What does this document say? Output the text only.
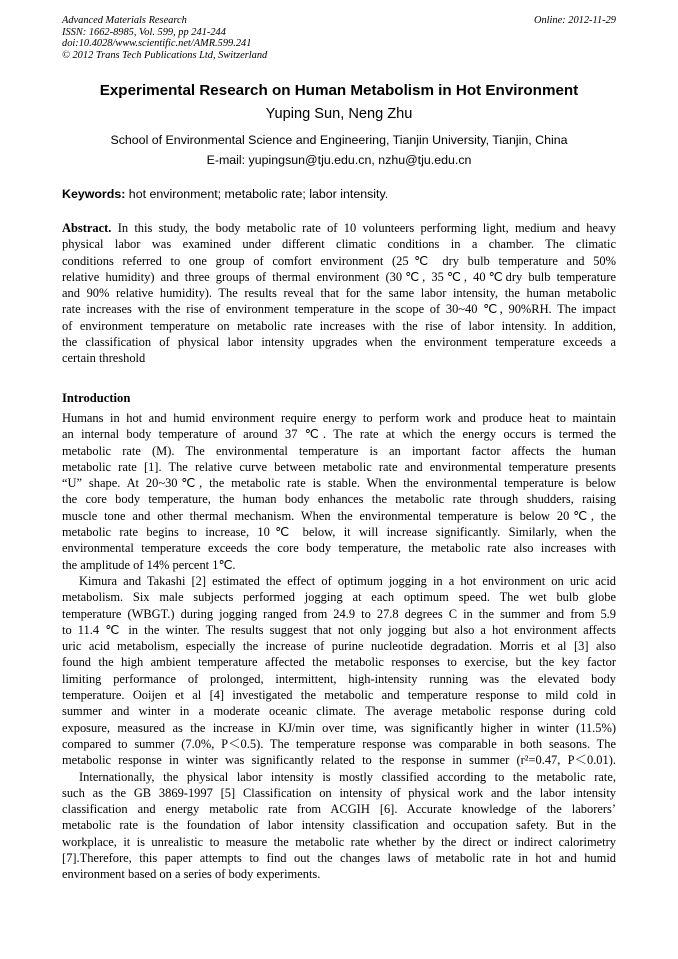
Advanced Materials Research
ISSN: 1662-8985, Vol. 599, pp 241-244
doi:10.4028/www.scientific.net/AMR.599.241
© 2012 Trans Tech Publications Ltd, Switzerland
Online: 2012-11-29
Experimental Research on Human Metabolism in Hot Environment
Yuping Sun, Neng Zhu
School of Environmental Science and Engineering, Tianjin University, Tianjin, China
E-mail: yupingsun@tju.edu.cn, nzhu@tju.edu.cn
Keywords: hot environment; metabolic rate; labor intensity.
Abstract. In this study, the body metabolic rate of 10 volunteers performing light, medium and heavy
physical labor was examined under different climatic conditions in a chamber. The climatic
conditions referred to one group of comfort environment (25℃ dry bulb temperature and 50%
relative humidity) and three groups of thermal environment (30℃, 35℃, 40℃dry bulb temperature
and 90% relative humidity). The results reveal that for the same labor intensity, the human metabolic
rate increases with the rise of environment temperature in the scope of 30~40 ℃, 90%RH. The impact
of environment temperature on metabolic rate increases with the rise of labor intensity. In addition,
the classification of physical labor intensity upgrades when the environment temperature exceeds a
certain threshold
Introduction
Humans in hot and humid environment require energy to perform work and produce heat to maintain
an internal body temperature of around 37 ℃. The rate at which the energy occurs is termed the
metabolic rate (M). The environmental temperature is an important factor affects the human
metabolic rate [1]. The relative curve between metabolic rate and environmental temperature presents
“U” shape. At 20~30℃, the metabolic rate is stable. When the environmental temperature is below
the core body temperature, the human body enhances the metabolic rate through shudders, raising
muscle tone and other thermal mechanism. When the environmental temperature is below 20℃, the
metabolic rate begins to increase, 10℃ below, it will increase significantly. Similarly, when the
environmental temperature exceeds the core body temperature, the metabolic rate also increases with
the amplitude of 14% percent 1℃.
Kimura and Takashi [2] estimated the effect of optimum jogging in a hot environment on uric acid
metabolism. Six male subjects performed jogging at each optimum speed. The wet bulb globe
temperature (WBGT.) during jogging ranged from 24.9 to 27.8 degrees C in the summer and from 5.9
to 11.4 ℃ in the winter. The results suggest that not only jogging but also a hot environment affects
uric acid metabolism, especially the increase of purine nucleotide degradation. Morris et al [3] also
found the high ambient temperature affected the metabolic responses to exercise, but the key factor
limiting performance of prolonged, intermittent, high-intensity running was the elevated body
temperature. Ooijen et al [4] investigated the metabolic and temperature response to mild cold in
summer and winter in a moderate oceanic climate. The average metabolic response during cold
exposure, measured as the increase in KJ/min over time, was significantly higher in winter (11.5%)
compared to summer (7.0%, P＜0.5). The temperature response was comparable in both seasons. The
metabolic response in winter was significantly related to the response in summer (r²=0.47, P＜0.01).
Internationally, the physical labor intensity is mostly classified according to the metabolic rate,
such as the GB 3869-1997 [5] Classification on intensity of physical work and the labor intensity
classification and energy metabolic rate from ACGIH [6]. Accurate knowledge of the laborers’
metabolic rate is the foundation of labor intensity classification and occupation safety. But in the
workplace, it is unrealistic to measure the metabolic rate whether by the direct or indirect calorimetry
[7].Therefore, this paper attempts to find out the changes laws of metabolic rate in hot and humid
environment based on a series of body experiments.
